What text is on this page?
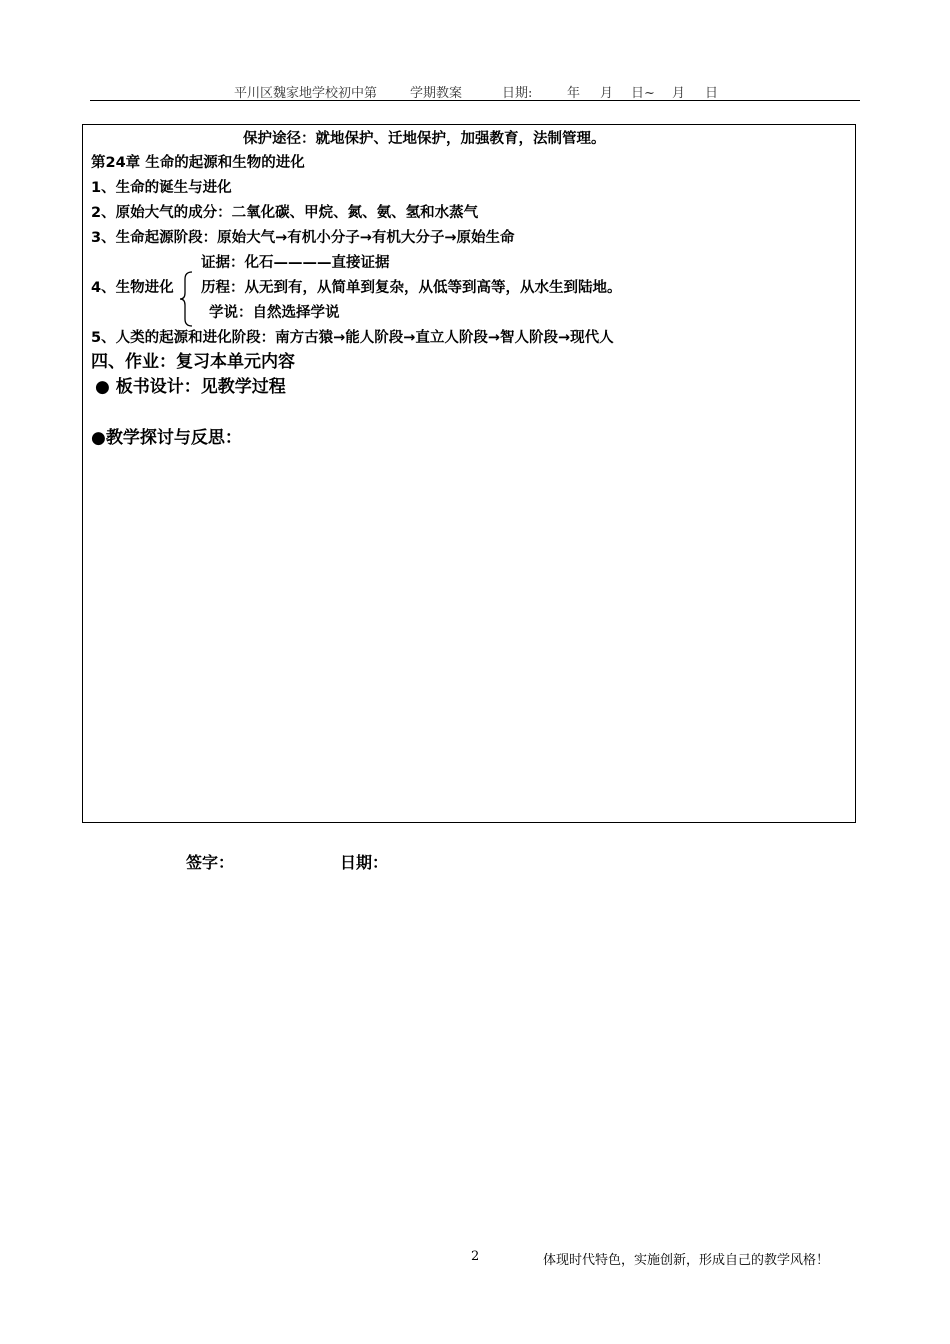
平川区魏家地学校初中第	学期教案	日期:	年 月 日~ 月 日
保护途径：就地保护、迁地保护，加强教育，法制管理。
第24章 生命的起源和生物的进化
1、生命的诞生与进化
2、原始大气的成分：二氧化碳、甲烷、氮、氨、氢和水蒸气
3、生命起源阶段：原始大气→有机小分子→有机大分子→原始生命
证据：化石————直接证据
4、生物进化 历程：从无到有，从简单到复杂，从低等到高等，从水生到陆地。
学说：自然选择学说
5、人类的起源和进化阶段：南方古猿→能人阶段→直立人阶段→智人阶段→现代人
四、作业：复习本单元内容
● 板书设计：见教学过程
●教学探讨与反思：
签字：	日期：
2	体现时代特色，实施创新，形成自己的教学风格！
